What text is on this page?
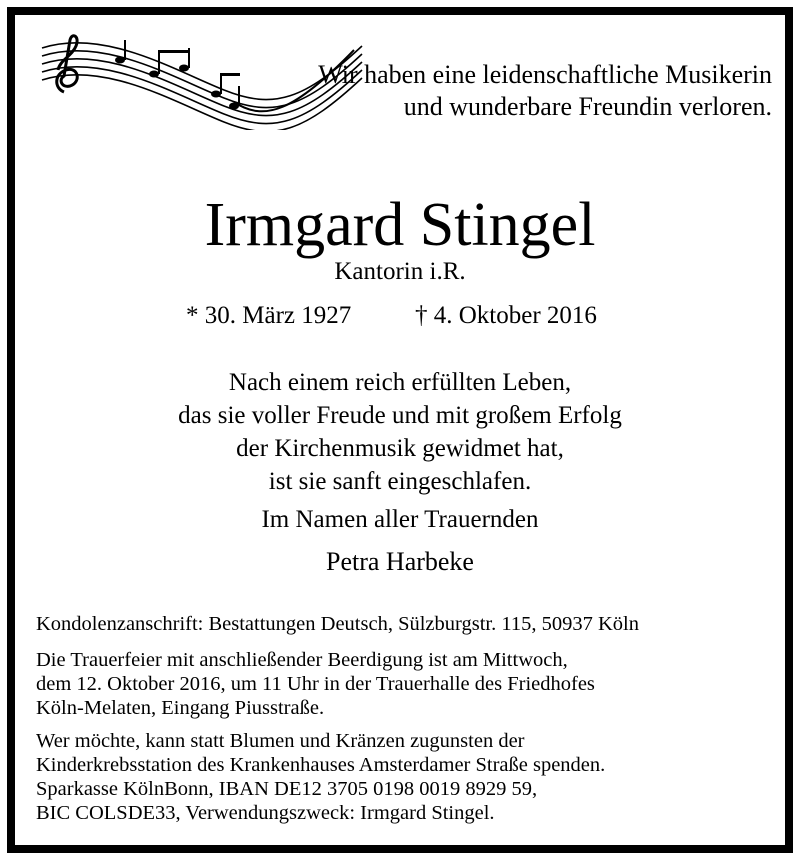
Wir haben eine leidenschaftliche Musikerin
und wunderbare Freundin verloren.
Irmgard Stingel
Kantorin i.R.
* 30. März 1927	† 4. Oktober 2016
Nach einem reich erfüllten Leben,
das sie voller Freude und mit großem Erfolg
der Kirchenmusik gewidmet hat,
ist sie sanft eingeschlafen.
Im Namen aller Trauernden
Petra Harbeke
Kondolenzanschrift: Bestattungen Deutsch, Sülzburgstr. 115, 50937 Köln
Die Trauerfeier mit anschließender Beerdigung ist am Mittwoch,
dem 12. Oktober 2016, um 11 Uhr in der Trauerhalle des Friedhofes
Köln-Melaten, Eingang Piusstraße.
Wer möchte, kann statt Blumen und Kränzen zugunsten der
Kinderkrebsstation des Krankenhauses Amsterdamer Straße spenden.
Sparkasse KölnBonn, IBAN DE12 3705 0198 0019 8929 59,
BIC COLSDE33, Verwendungszweck: Irmgard Stingel.
